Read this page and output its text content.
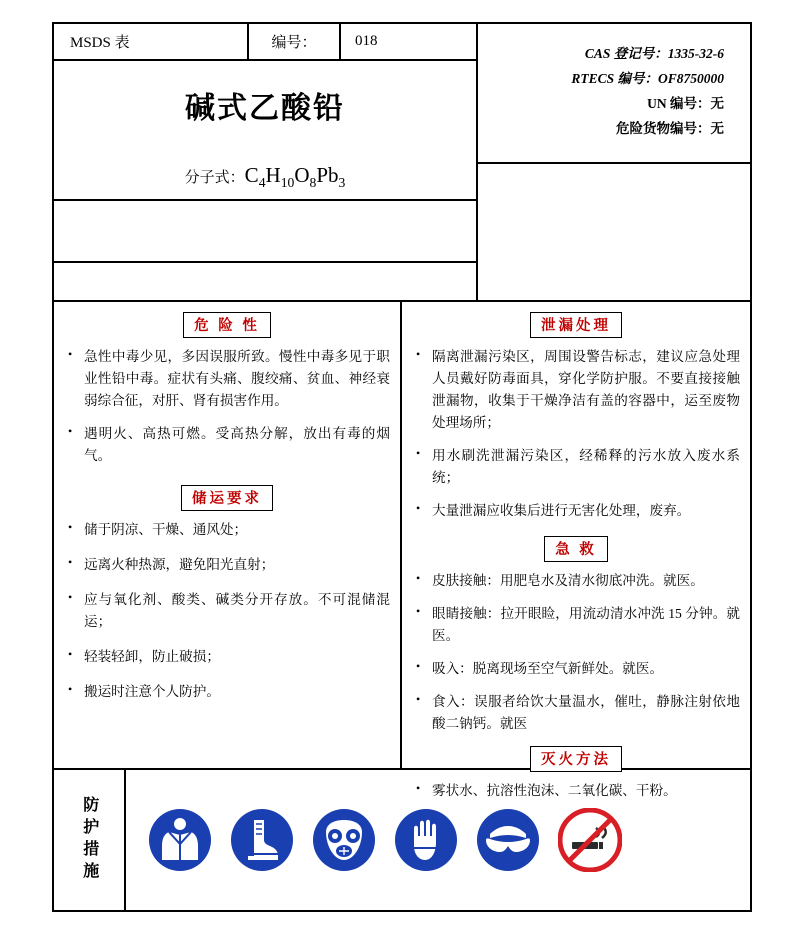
MSDS 表	编号：	018
碱式乙酸铅
分子式：$C_4H_{10}O_8Pb_3$
CAS 登记号：1335-32-6
RTECS 编号：OF8750000
UN 编号：无
危险货物编号：无
危 险 性
• 急性中毒少见，多因误服所致。慢性中毒多见于职业性铅中毒。症状有头痛、腹绞痛、贫血、神经衰弱综合征，对肝、肾有损害作用。
• 遇明火、高热可燃。受高热分解，放出有毒的烟气。
储运要求
• 储于阴凉、干燥、通风处；
• 远离火种热源，避免阳光直射；
• 应与氧化剂、酸类、碱类分开存放。不可混储混运；
• 轻装轻卸，防止破损；
• 搬运时注意个人防护。
泄漏处理
• 隔离泄漏污染区，周围设警告标志，建议应急处理人员戴好防毒面具，穿化学防护服。不要直接接触泄漏物，收集于干燥净洁有盖的容器中，运至废物处理场所；
• 用水刷洗泄漏污染区，经稀释的污水放入废水系统；
• 大量泄漏应收集后进行无害化处理，废弃。
急 救
• 皮肤接触：用肥皂水及清水彻底冲洗。就医。
• 眼睛接触：拉开眼睑，用流动清水冲洗 15 分钟。就医。
• 吸入：脱离现场至空气新鲜处。就医。
• 食入：误服者给饮大量温水，催吐，静脉注射依地酸二钠钙。就医
灭火方法
• 雾状水、抗溶性泡沫、二氧化碳、干粉。
防护措施
